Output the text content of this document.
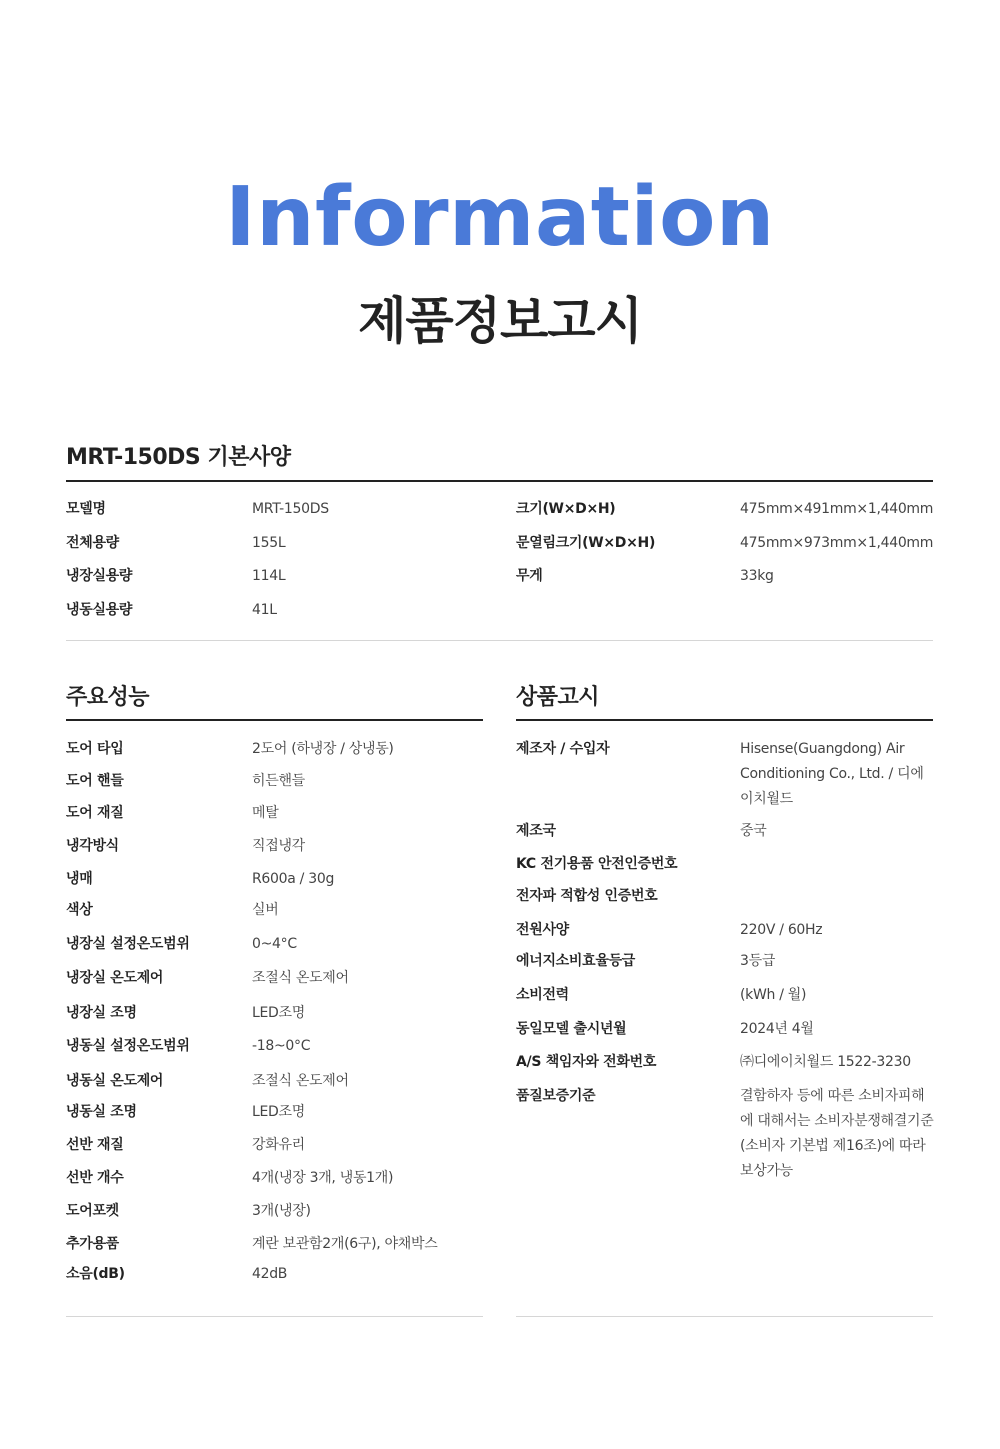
Information
제품정보고시
MRT-150DS 기본사양
모델명	MRT-150DS
전체용량	155L
냉장실용량	114L
냉동실용량	41L
크기(W×D×H)	475mm×491mm×1,440mm
문열림크기(W×D×H)	475mm×973mm×1,440mm
무게	33kg
주요성능
도어 타입	2도어 (하냉장 / 상냉동)
도어 핸들	히든핸들
도어 재질	메탈
냉각방식	직접냉각
냉매	R600a / 30g
색상	실버
냉장실 설정온도범위	0~4°C
냉장실 온도제어	조절식 온도제어
냉장실 조명	LED조명
냉동실 설정온도범위	-18~0°C
냉동실 온도제어	조절식 온도제어
냉동실 조명	LED조명
선반 재질	강화유리
선반 개수	4개(냉장 3개, 냉동1개)
도어포켓	3개(냉장)
추가용품	계란 보관함2개(6구), 야채박스
소음(dB)	42dB
상품고시
제조자 / 수입자	Hisense(Guangdong) Air Conditioning Co., Ltd. / 디에이치월드
제조국	중국
KC 전기용품 안전인증번호
전자파 적합성 인증번호
전원사양	220V / 60Hz
에너지소비효율등급	3등급
소비전력	(kWh / 월)
동일모델 출시년월	2024년 4월
A/S 책임자와 전화번호	㈜디에이치월드 1522-3230
품질보증기준	결함하자 등에 따른 소비자피해에 대해서는 소비자분쟁해결기준 (소비자 기본법 제16조)에 따라 보상가능
